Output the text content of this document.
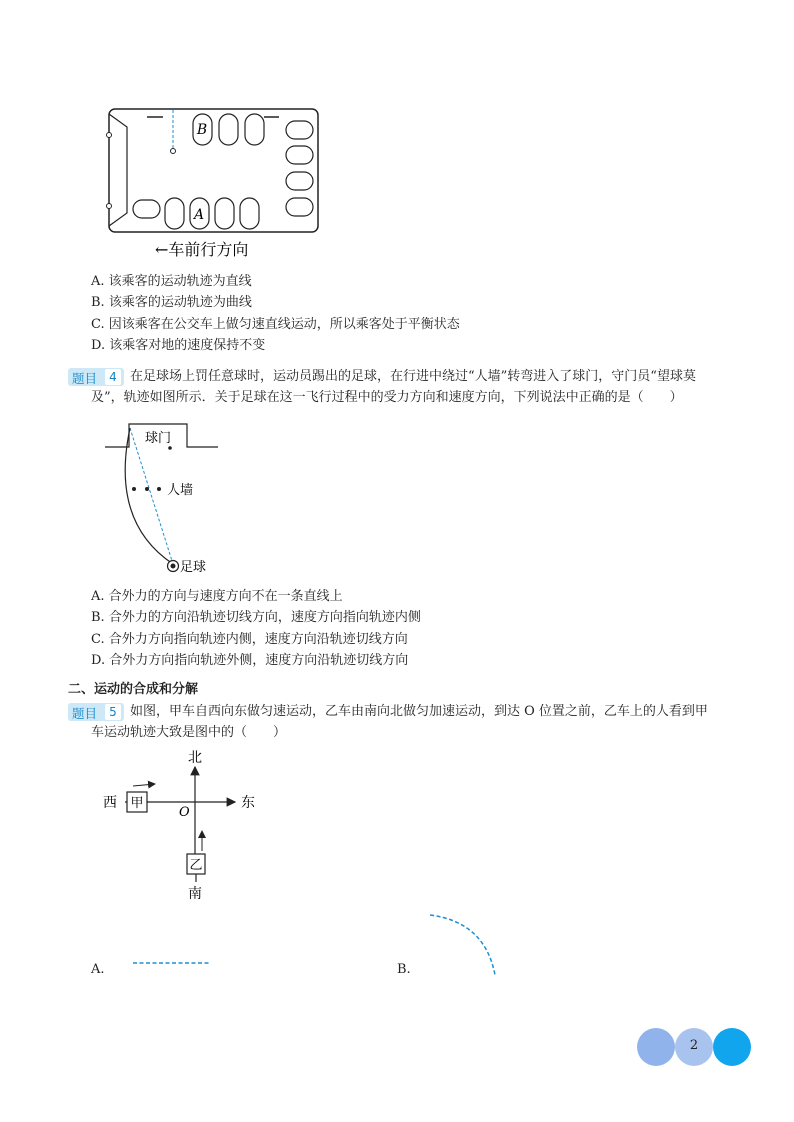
B
A
←车前行方向
A. 该乘客的运动轨迹为直线
B. 该乘客的运动轨迹为曲线
C. 因该乘客在公交车上做匀速直线运动，所以乘客处于平衡状态
D. 该乘客对地的速度保持不变
题目	4	在足球场上罚任意球时，运动员踢出的足球，在行进中绕过“人墙”转弯进入了球门，守门员“望球莫
及”，轨迹如图所示．关于足球在这一飞行过程中的受力方向和速度方向，下列说法中正确的是（　　）
球门
人墙
足球
A. 合外力的方向与速度方向不在一条直线上
B. 合外力的方向沿轨迹切线方向，速度方向指向轨迹内侧
C. 合外力方向指向轨迹内侧，速度方向沿轨迹切线方向
D. 合外力方向指向轨迹外侧，速度方向沿轨迹切线方向
二、运动的合成和分解
题目	5	如图，甲车自西向东做匀速运动，乙车由南向北做匀加速运动，到达 O 位置之前，乙车上的人看到甲
车运动轨迹大致是图中的（　　）
北
南
西	东
甲
乙
O
A.	B.
2
